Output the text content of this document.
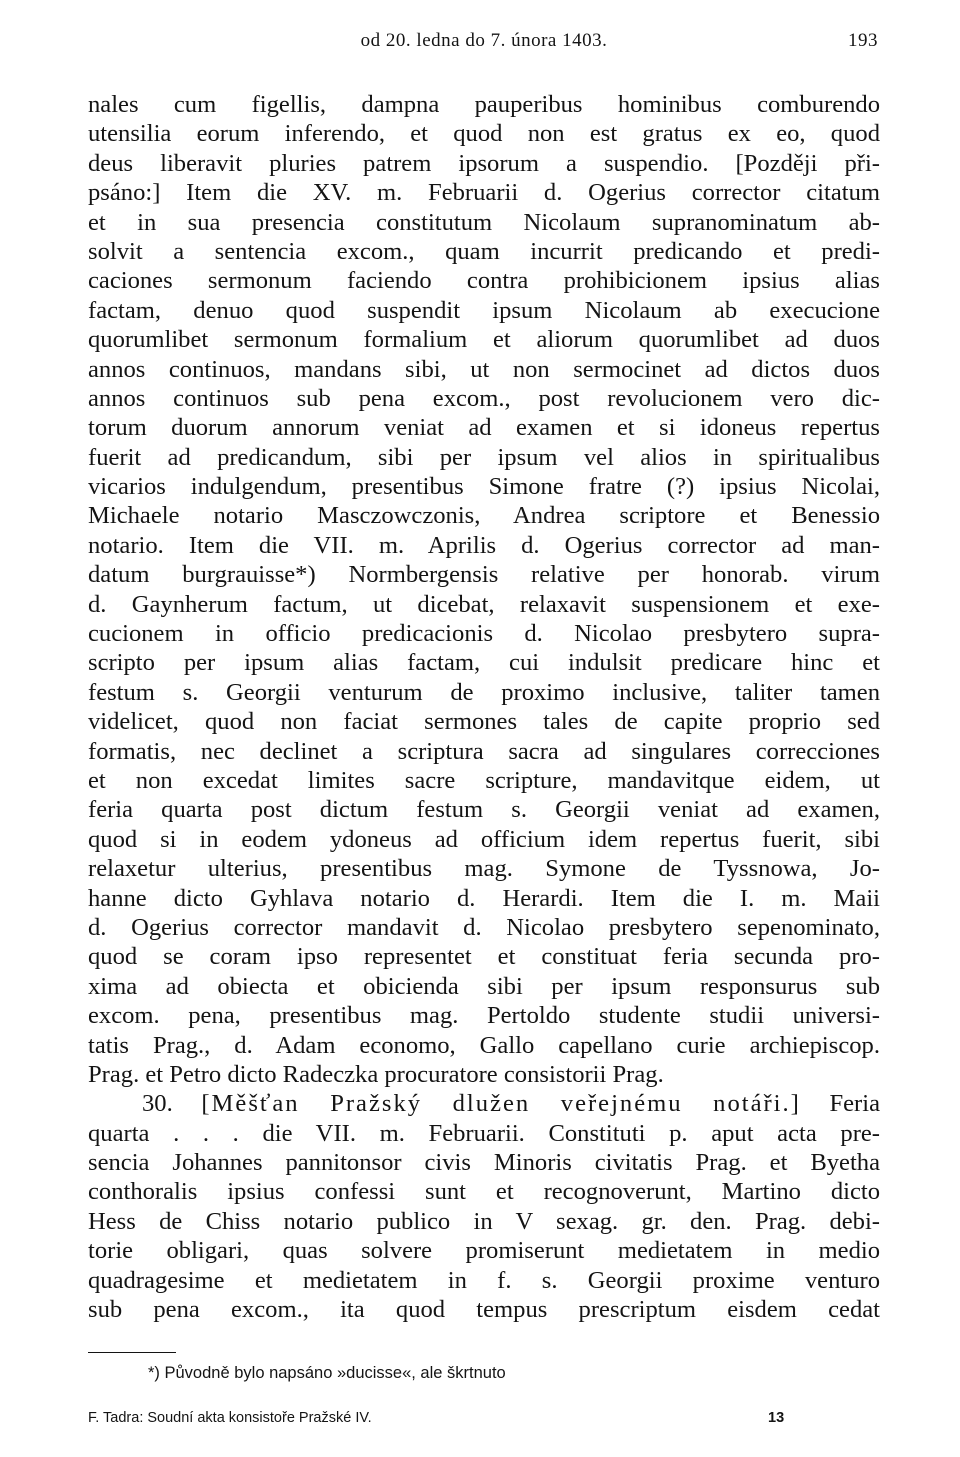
od 20. ledna do 7. února 1403.	193
nales cum figellis, dampna pauperibus hominibus comburendo
utensilia eorum inferendo, et quod non est gratus ex eo, quod
deus liberavit pluries patrem ipsorum a suspendio. [Později při-
psáno:] Item die XV. m. Februarii d. Ogerius corrector citatum
et in sua presencia constitutum Nicolaum supranominatum ab-
solvit a sentencia excom., quam incurrit predicando et predi-
caciones sermonum faciendo contra prohibicionem ipsius alias
factam, denuo quod suspendit ipsum Nicolaum ab execucione
quorumlibet sermonum formalium et aliorum quorumlibet ad duos
annos continuos, mandans sibi, ut non sermocinet ad dictos duos
annos continuos sub pena excom., post revolucionem vero dic-
torum duorum annorum veniat ad examen et si idoneus repertus
fuerit ad predicandum, sibi per ipsum vel alios in spiritualibus
vicarios indulgendum, presentibus Simone fratre (?) ipsius Nicolai,
Michaele notario Masczowczonis, Andrea scriptore et Benessio
notario. Item die VII. m. Aprilis d. Ogerius corrector ad man-
datum burgrauisse*) Normbergensis relative per honorab. virum
d. Gaynherum factum, ut dicebat, relaxavit suspensionem et exe-
cucionem in officio predicacionis d. Nicolao presbytero supra-
scripto per ipsum alias factam, cui indulsit predicare hinc et
festum s. Georgii venturum de proximo inclusive, taliter tamen
videlicet, quod non faciat sermones tales de capite proprio sed
formatis, nec declinet a scriptura sacra ad singulares correcciones
et non excedat limites sacre scripture, mandavitque eidem, ut
feria quarta post dictum festum s. Georgii veniat ad examen,
quod si in eodem ydoneus ad officium idem repertus fuerit, sibi
relaxetur ulterius, presentibus mag. Symone de Tyssnowa, Jo-
hanne dicto Gyhlava notario d. Herardi. Item die I. m. Maii
d. Ogerius corrector mandavit d. Nicolao presbytero sepenominato,
quod se coram ipso representet et constituat feria secunda pro-
xima ad obiecta et obicienda sibi per ipsum responsurus sub
excom. pena, presentibus mag. Pertoldo studente studii universi-
tatis Prag., d. Adam economo, Gallo capellano curie archiepiscop.
Prag. et Petro dicto Radeczka procuratore consistorii Prag.
30. [Měšťan Pražský dlužen veřejnému notáři.] Feria
quarta . . . die VII. m. Februarii. Constituti p. aput acta pre-
sencia Johannes pannitonsor civis Minoris civitatis Prag. et Byetha
conthoralis ipsius confessi sunt et recognoverunt, Martino dicto
Hess de Chiss notario publico in V sexag. gr. den. Prag. debi-
torie obligari, quas solvere promiserunt medietatem in medio
quadragesime et medietatem in f. s. Georgii proxime venturo
sub pena excom., ita quod tempus prescriptum eisdem cedat
*) Původně bylo napsáno »ducisse«, ale škrtnuto
F. Tadra: Soudní akta konsistoře Pražské IV.	13
